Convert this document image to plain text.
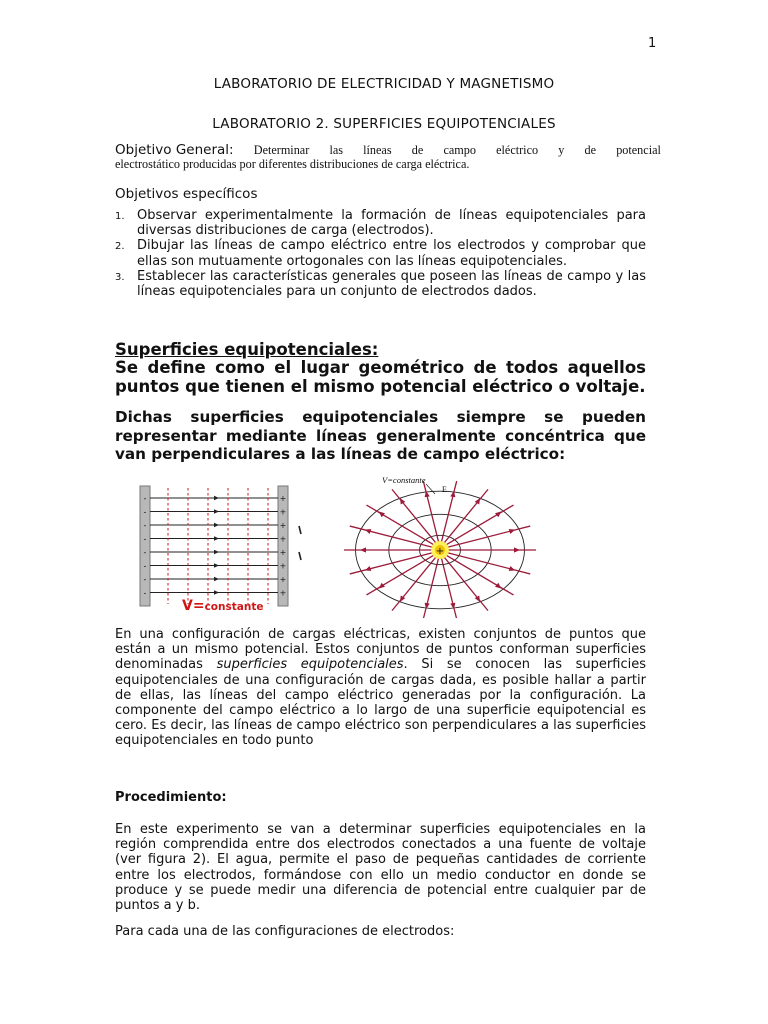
1
LABORATORIO DE ELECTRICIDAD Y MAGNETISMO
LABORATORIO 2. SUPERFICIES EQUIPOTENCIALES
Objetivo General: Determinar las líneas de campo eléctrico y de potencial
electrostático producidas por diferentes distribuciones de carga eléctrica.
Objetivos específicos
1. Observar experimentalmente la formación de líneas equipotenciales para diversas distribuciones de carga (electrodos).
2. Dibujar las líneas de campo eléctrico entre los electrodos y comprobar que ellas son mutuamente ortogonales con las líneas equipotenciales.
3. Establecer las características generales que poseen las líneas de campo y las líneas equipotenciales para un conjunto de electrodos dados.
Superficies equipotenciales:
Se define como el lugar geométrico de todos aquellos puntos que tienen el mismo potencial eléctrico o voltaje.
Dichas superficies equipotenciales siempre se pueden representar mediante líneas generalmente concéntrica que van perpendiculares a las líneas de campo eléctrico:
-	+
-	+
-	+
-	+
-	+
-	+
-	+
-	+
V=constante
+
V=constante
E
En una configuración de cargas eléctricas, existen conjuntos de puntos que están a un mismo potencial. Estos conjuntos de puntos conforman superficies denominadas superficies equipotenciales. Si se conocen las superficies equipotenciales de una configuración de cargas dada, es posible hallar a partir de ellas, las líneas del campo eléctrico generadas por la configuración. La componente del campo eléctrico a lo largo de una superficie equipotencial es cero. Es decir, las líneas de campo eléctrico son perpendiculares a las superficies equipotenciales en todo punto
Procedimiento:
En este experimento se van a determinar superficies equipotenciales en la región comprendida entre dos electrodos conectados a una fuente de voltaje (ver figura 2). El agua, permite el paso de pequeñas cantidades de corriente entre los electrodos, formándose con ello un medio conductor en donde se produce y se puede medir una diferencia de potencial entre cualquier par de puntos a y b.
Para cada una de las configuraciones de electrodos:
